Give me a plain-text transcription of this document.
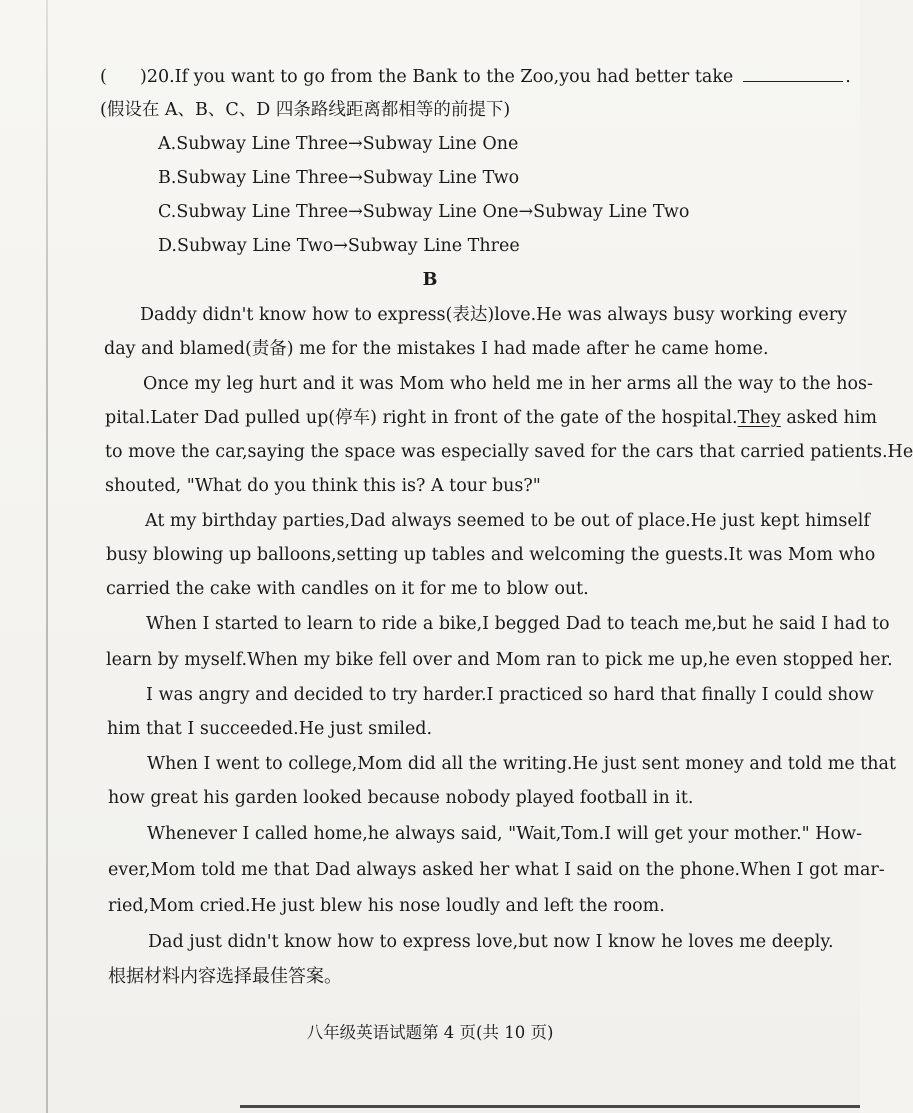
( )20.If you want to go from the Bank to the Zoo,you had better take	.
(假设在 A、B、C、D 四条路线距离都相等的前提下)
A.Subway Line Three→Subway Line One
B.Subway Line Three→Subway Line Two
C.Subway Line Three→Subway Line One→Subway Line Two
D.Subway Line Two→Subway Line Three
B
Daddy didn't know how to express(表达)love.He was always busy working every
day and blamed(责备) me for the mistakes I had made after he came home.
Once my leg hurt and it was Mom who held me in her arms all the way to the hos-
pital.Later Dad pulled up(停车) right in front of the gate of the hospital.They asked him
to move the car,saying the space was especially saved for the cars that carried patients.He
shouted, "What do you think this is? A tour bus?"
At my birthday parties,Dad always seemed to be out of place.He just kept himself
busy blowing up balloons,setting up tables and welcoming the guests.It was Mom who
carried the cake with candles on it for me to blow out.
When I started to learn to ride a bike,I begged Dad to teach me,but he said I had to
learn by myself.When my bike fell over and Mom ran to pick me up,he even stopped her.
I was angry and decided to try harder.I practiced so hard that finally I could show
him that I succeeded.He just smiled.
When I went to college,Mom did all the writing.He just sent money and told me that
how great his garden looked because nobody played football in it.
Whenever I called home,he always said, "Wait,Tom.I will get your mother." How-
ever,Mom told me that Dad always asked her what I said on the phone.When I got mar-
ried,Mom cried.He just blew his nose loudly and left the room.
Dad just didn't know how to express love,but now I know he loves me deeply.
根据材料内容选择最佳答案。
八年级英语试题第 4 页(共 10 页)
